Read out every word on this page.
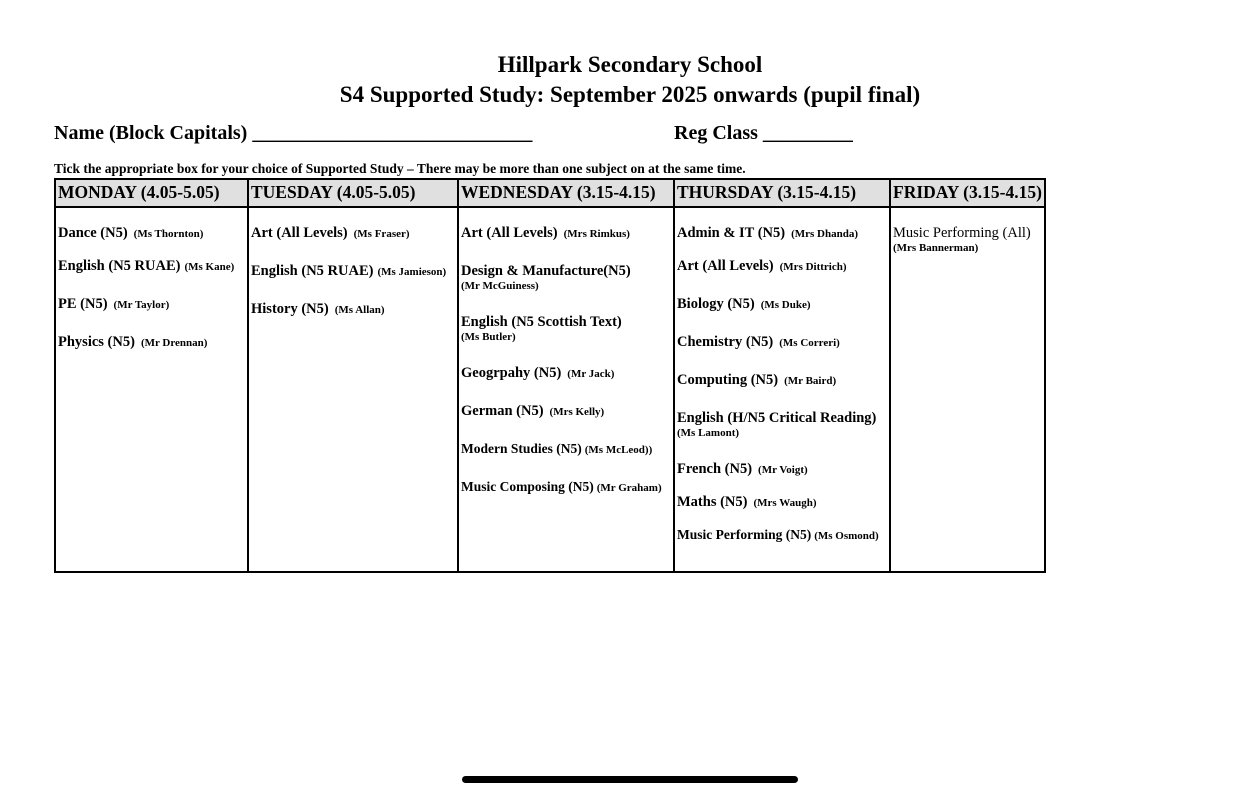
Hillpark Secondary School
S4 Supported Study: September 2025 onwards (pupil final)
Name (Block Capitals) ____________________________	Reg Class _________
Tick the appropriate box for your choice of Supported Study – There may be more than one subject on at the same time.
MONDAY (4.05-5.05)
Dance (N5) (Ms Thornton)
English (N5 RUAE) (Ms Kane)
PE (N5) (Mr Taylor)
Physics (N5) (Mr Drennan)
TUESDAY (4.05-5.05)
Art (All Levels) (Ms Fraser)
English (N5 RUAE) (Ms Jamieson)
History (N5) (Ms Allan)
WEDNESDAY (3.15-4.15)
Art (All Levels) (Mrs Rimkus)
Design & Manufacture(N5)
(Mr McGuiness)
English (N5 Scottish Text)
(Ms Butler)
Geogrpahy (N5) (Mr Jack)
German (N5) (Mrs Kelly)
Modern Studies (N5) (Ms McLeod))
Music Composing (N5) (Mr Graham)
THURSDAY (3.15-4.15)
Admin & IT (N5) (Mrs Dhanda)
Art (All Levels) (Mrs Dittrich)
Biology (N5) (Ms Duke)
Chemistry (N5) (Ms Correri)
Computing (N5) (Mr Baird)
English (H/N5 Critical Reading)
(Ms Lamont)
French (N5) (Mr Voigt)
Maths (N5) (Mrs Waugh)
Music Performing (N5) (Ms Osmond)
FRIDAY (3.15-4.15)
Music Performing (All)
(Mrs Bannerman)
